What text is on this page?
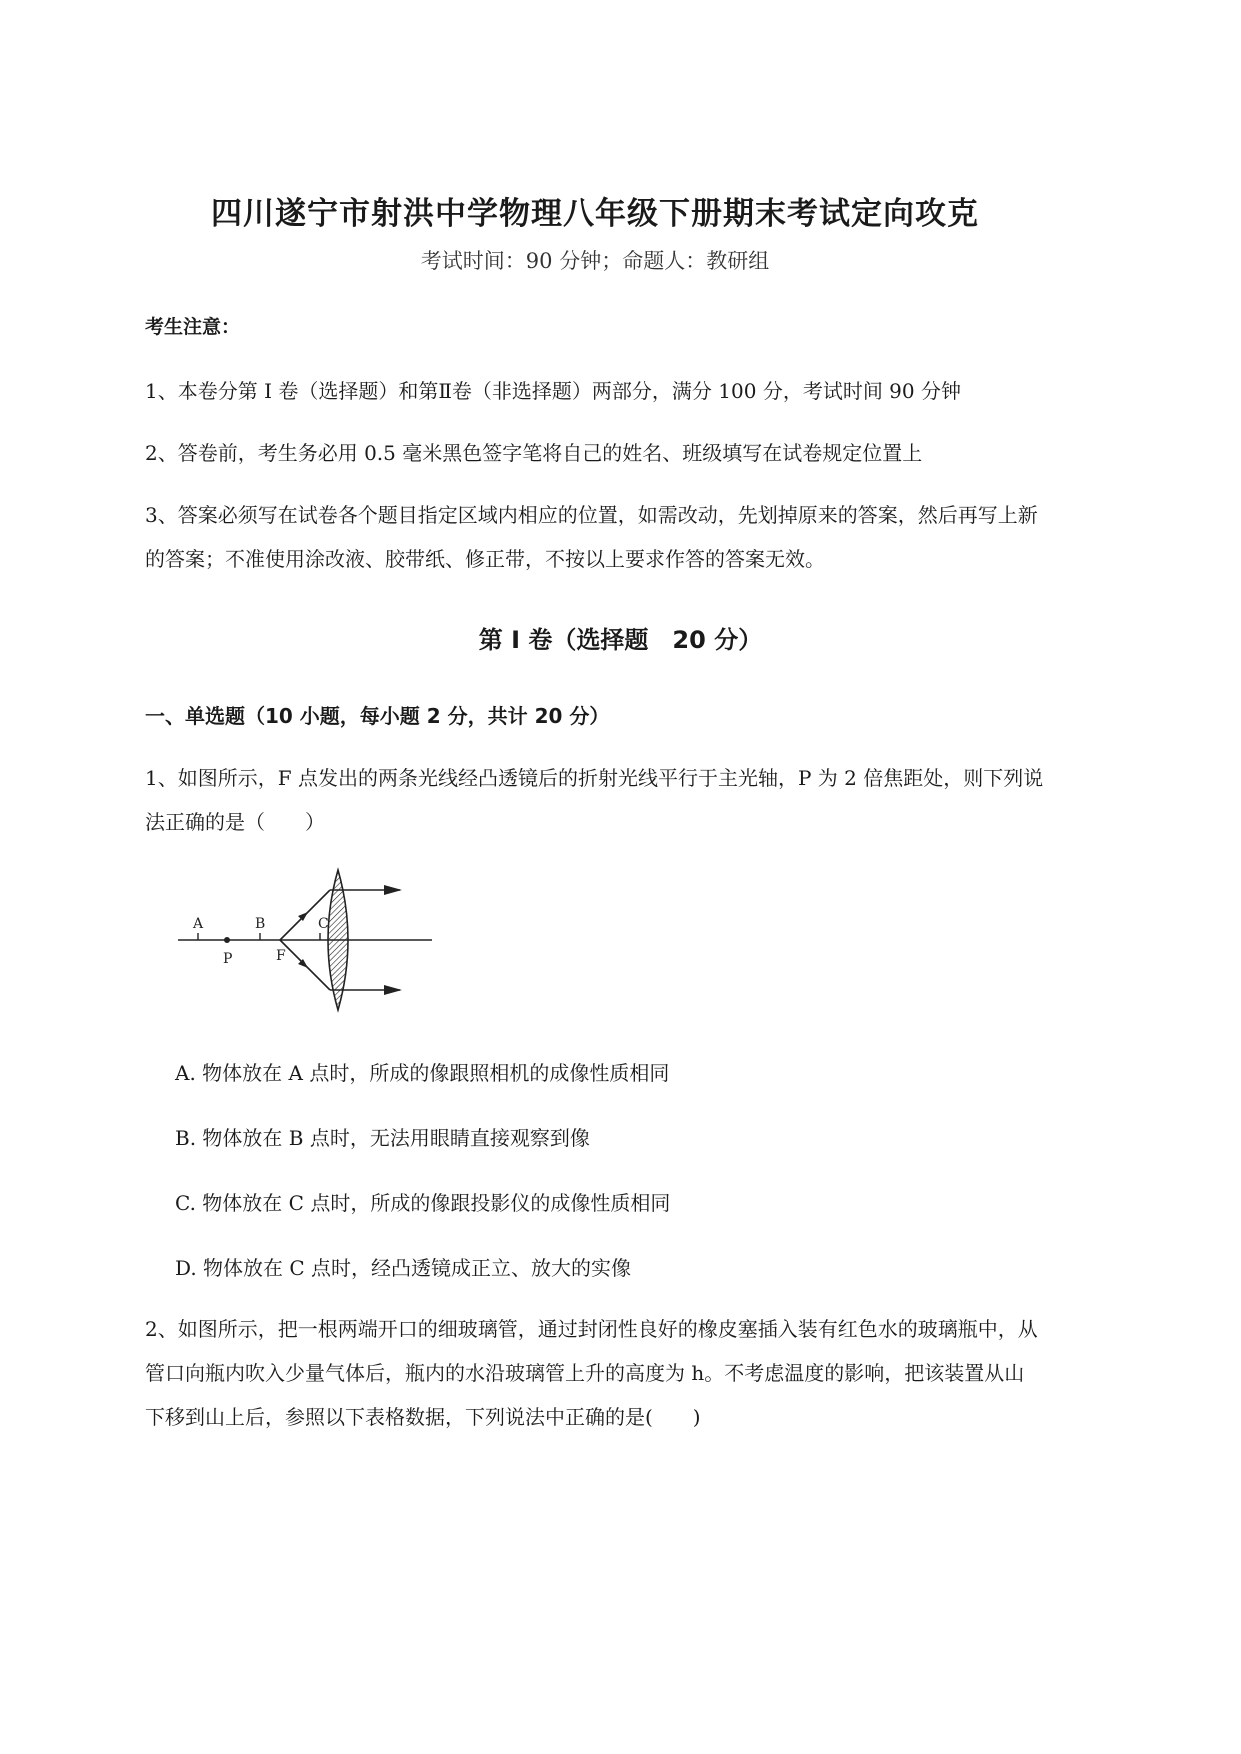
四川遂宁市射洪中学物理八年级下册期末考试定向攻克
考试时间：90 分钟；命题人：教研组
考生注意：
1、本卷分第 I 卷（选择题）和第Ⅱ卷（非选择题）两部分，满分 100 分，考试时间 90 分钟
2、答卷前，考生务必用 0.5 毫米黑色签字笔将自己的姓名、班级填写在试卷规定位置上
3、答案必须写在试卷各个题目指定区域内相应的位置，如需改动，先划掉原来的答案，然后再写上新
的答案；不准使用涂改液、胶带纸、修正带，不按以上要求作答的答案无效。
第 I 卷（选择题　20 分）
一、单选题（10 小题，每小题 2 分，共计 20 分）
1、如图所示，F 点发出的两条光线经凸透镜后的折射光线平行于主光轴，P 为 2 倍焦距处，则下列说
法正确的是（　　）
A	B	C
P	F
A. 物体放在 A 点时，所成的像跟照相机的成像性质相同
B. 物体放在 B 点时，无法用眼睛直接观察到像
C. 物体放在 C 点时，所成的像跟投影仪的成像性质相同
D. 物体放在 C 点时，经凸透镜成正立、放大的实像
2、如图所示，把一根两端开口的细玻璃管，通过封闭性良好的橡皮塞插入装有红色水的玻璃瓶中，从
管口向瓶内吹入少量气体后，瓶内的水沿玻璃管上升的高度为 h。不考虑温度的影响，把该装置从山
下移到山上后，参照以下表格数据，下列说法中正确的是(　　)
